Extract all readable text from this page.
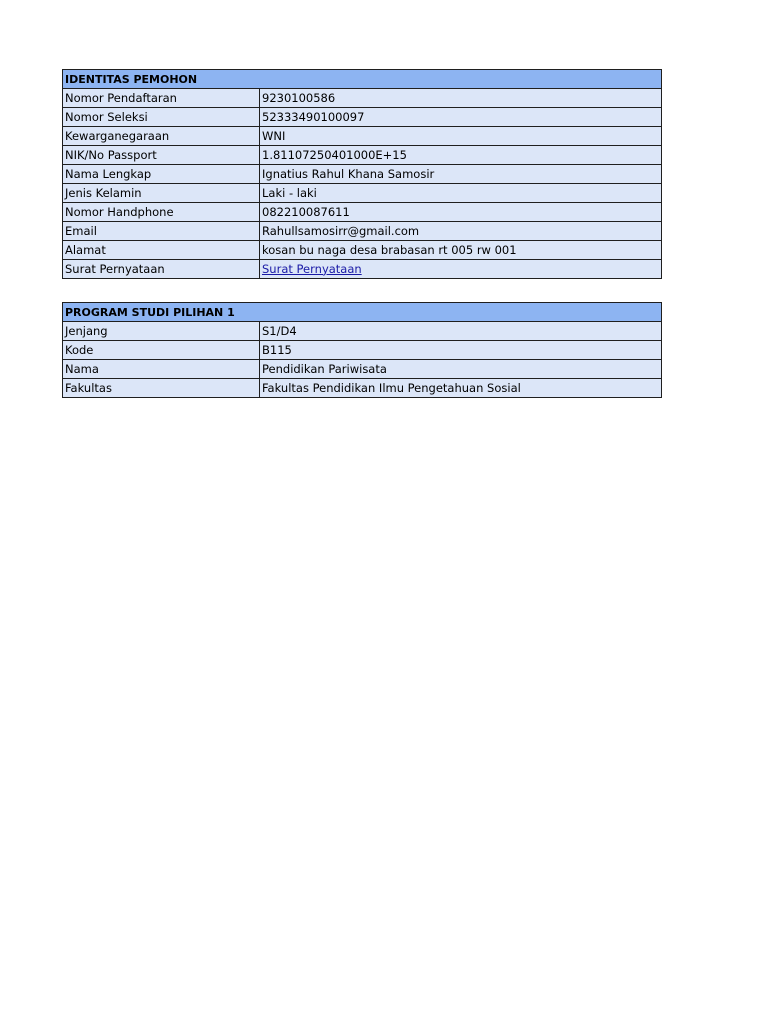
IDENTITAS PEMOHON	
Nomor Pendaftaran	9230100586
Nomor Seleksi	52333490100097
Kewarganegaraan	WNI
NIK/No Passport	1.81107250401000E+15
Nama Lengkap	Ignatius Rahul Khana Samosir
Jenis Kelamin	Laki - laki
Nomor Handphone	082210087611
Email	Rahullsamosirr@gmail.com
Alamat	kosan bu naga desa brabasan rt 005 rw 001
Surat Pernyataan	Surat Pernyataan
PROGRAM STUDI PILIHAN 1	
Jenjang	S1/D4
Kode	B115
Nama	Pendidikan Pariwisata
Fakultas	Fakultas Pendidikan Ilmu Pengetahuan Sosial
